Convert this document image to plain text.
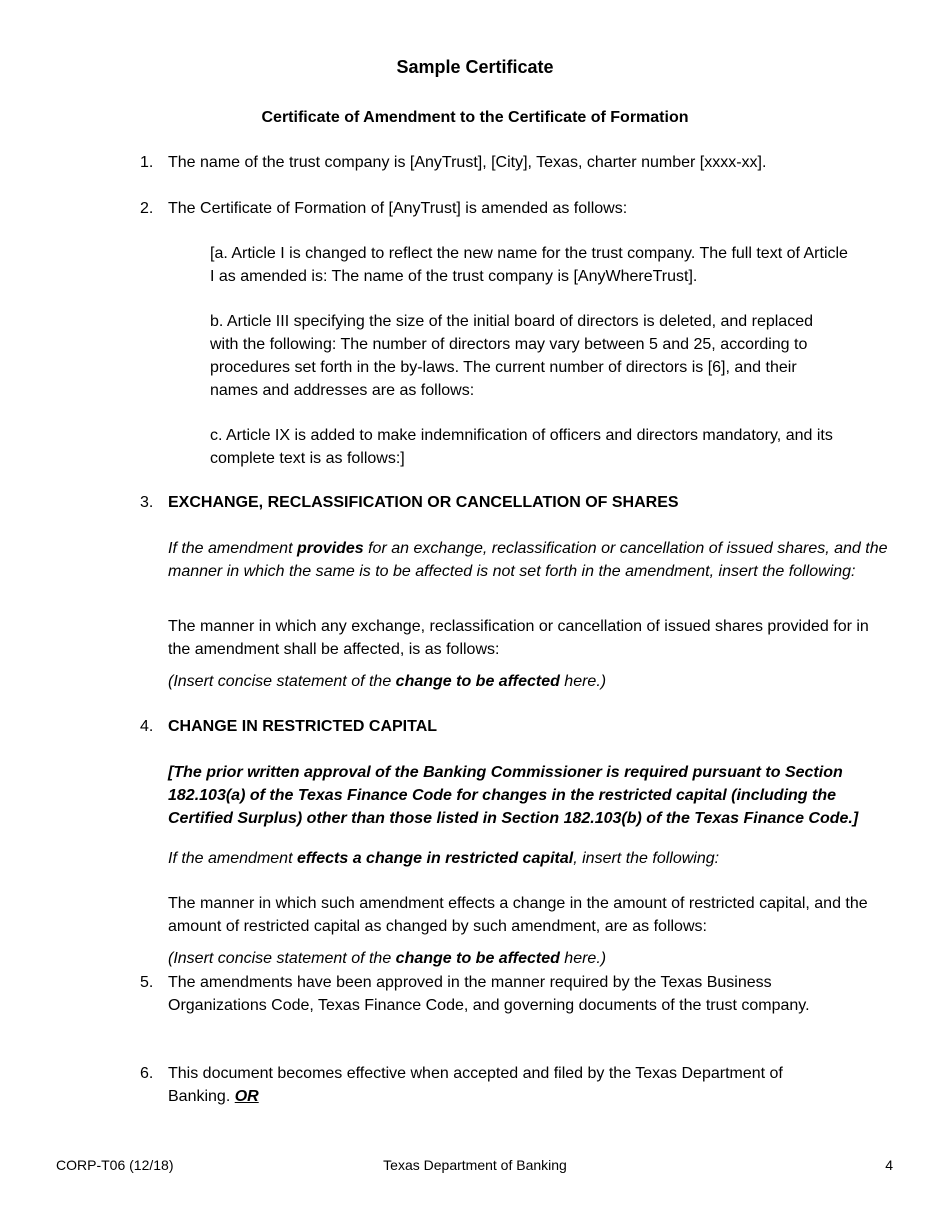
Sample Certificate
Certificate of Amendment to the Certificate of Formation
1. The name of the trust company is [AnyTrust], [City], Texas, charter number [xxxx-xx].
2. The Certificate of Formation of [AnyTrust] is amended as follows:
[a. Article I is changed to reflect the new name for the trust company. The full text of Article I as amended is: The name of the trust company is [AnyWhereTrust].
b. Article III specifying the size of the initial board of directors is deleted, and replaced with the following: The number of directors may vary between 5 and 25, according to procedures set forth in the by-laws. The current number of directors is [6], and their names and addresses are as follows:
c. Article IX is added to make indemnification of officers and directors mandatory, and its complete text is as follows:]
3. EXCHANGE, RECLASSIFICATION OR CANCELLATION OF SHARES
If the amendment provides for an exchange, reclassification or cancellation of issued shares, and the manner in which the same is to be affected is not set forth in the amendment, insert the following:
The manner in which any exchange, reclassification or cancellation of issued shares provided for in the amendment shall be affected, is as follows:
(Insert concise statement of the change to be affected here.)
4. CHANGE IN RESTRICTED CAPITAL
[The prior written approval of the Banking Commissioner is required pursuant to Section 182.103(a) of the Texas Finance Code for changes in the restricted capital (including the Certified Surplus) other than those listed in Section 182.103(b) of the Texas Finance Code.]
If the amendment effects a change in restricted capital, insert the following:
The manner in which such amendment effects a change in the amount of restricted capital, and the amount of restricted capital as changed by such amendment, are as follows:
(Insert concise statement of the change to be affected here.)
5. The amendments have been approved in the manner required by the Texas Business Organizations Code, Texas Finance Code, and governing documents of the trust company.
6. This document becomes effective when accepted and filed by the Texas Department of Banking. OR
CORP-T06 (12/18)	Texas Department of Banking	4
